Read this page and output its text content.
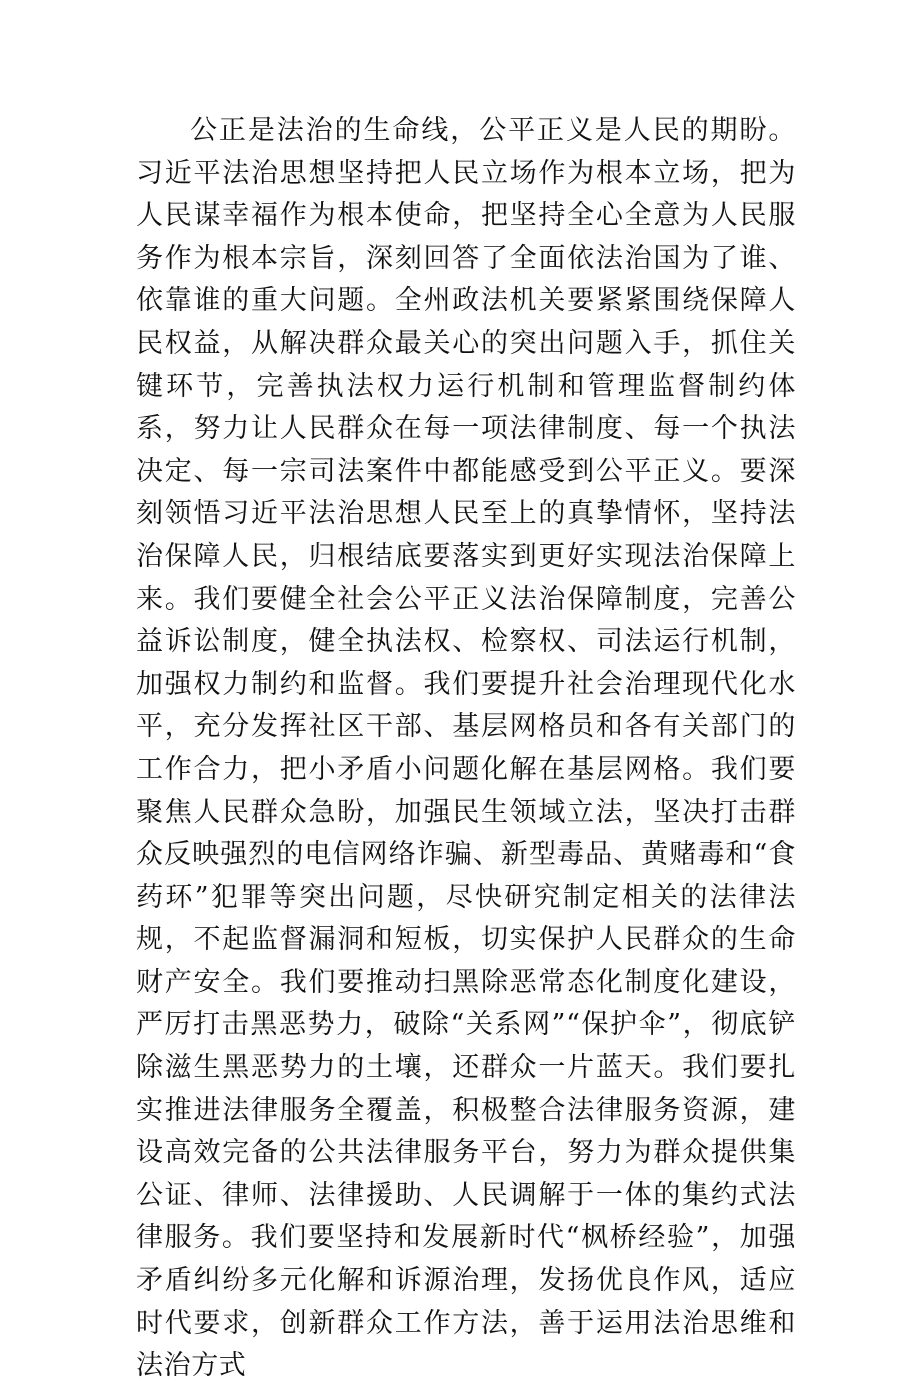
公正是法治的生命线，公平正义是人民的期盼。习近平法治思想坚持把人民立场作为根本立场，把为人民谋幸福作为根本使命，把坚持全心全意为人民服务作为根本宗旨，深刻回答了全面依法治国为了谁、依靠谁的重大问题。全州政法机关要紧紧围绕保障人民权益，从解决群众最关心的突出问题入手，抓住关键环节，完善执法权力运行机制和管理监督制约体系，努力让人民群众在每一项法律制度、每一个执法决定、每一宗司法案件中都能感受到公平正义。要深刻领悟习近平法治思想人民至上的真挚情怀，坚持法治保障人民，归根结底要落实到更好实现法治保障上来。我们要健全社会公平正义法治保障制度，完善公益诉讼制度，健全执法权、检察权、司法运行机制，加强权力制约和监督。我们要提升社会治理现代化水平，充分发挥社区干部、基层网格员和各有关部门的工作合力，把小矛盾小问题化解在基层网格。我们要聚焦人民群众急盼，加强民生领域立法，坚决打击群众反映强烈的电信网络诈骗、新型毒品、黄赌毒和“食药环”犯罪等突出问题，尽快研究制定相关的法律法规，不起监督漏洞和短板，切实保护人民群众的生命财产安全。我们要推动扫黑除恶常态化制度化建设，严厉打击黑恶势力，破除“关系网”“保护伞”，彻底铲除滋生黑恶势力的土壤，还群众一片蓝天。我们要扎实推进法律服务全覆盖，积极整合法律服务资源，建设高效完备的公共法律服务平台，努力为群众提供集公证、律师、法律援助、人民调解于一体的集约式法律服务。我们要坚持和发展新时代“枫桥经验”，加强矛盾纠纷多元化解和诉源治理，发扬优良作风，适应时代要求，创新群众工作方法，善于运用法治思维和法治方式
